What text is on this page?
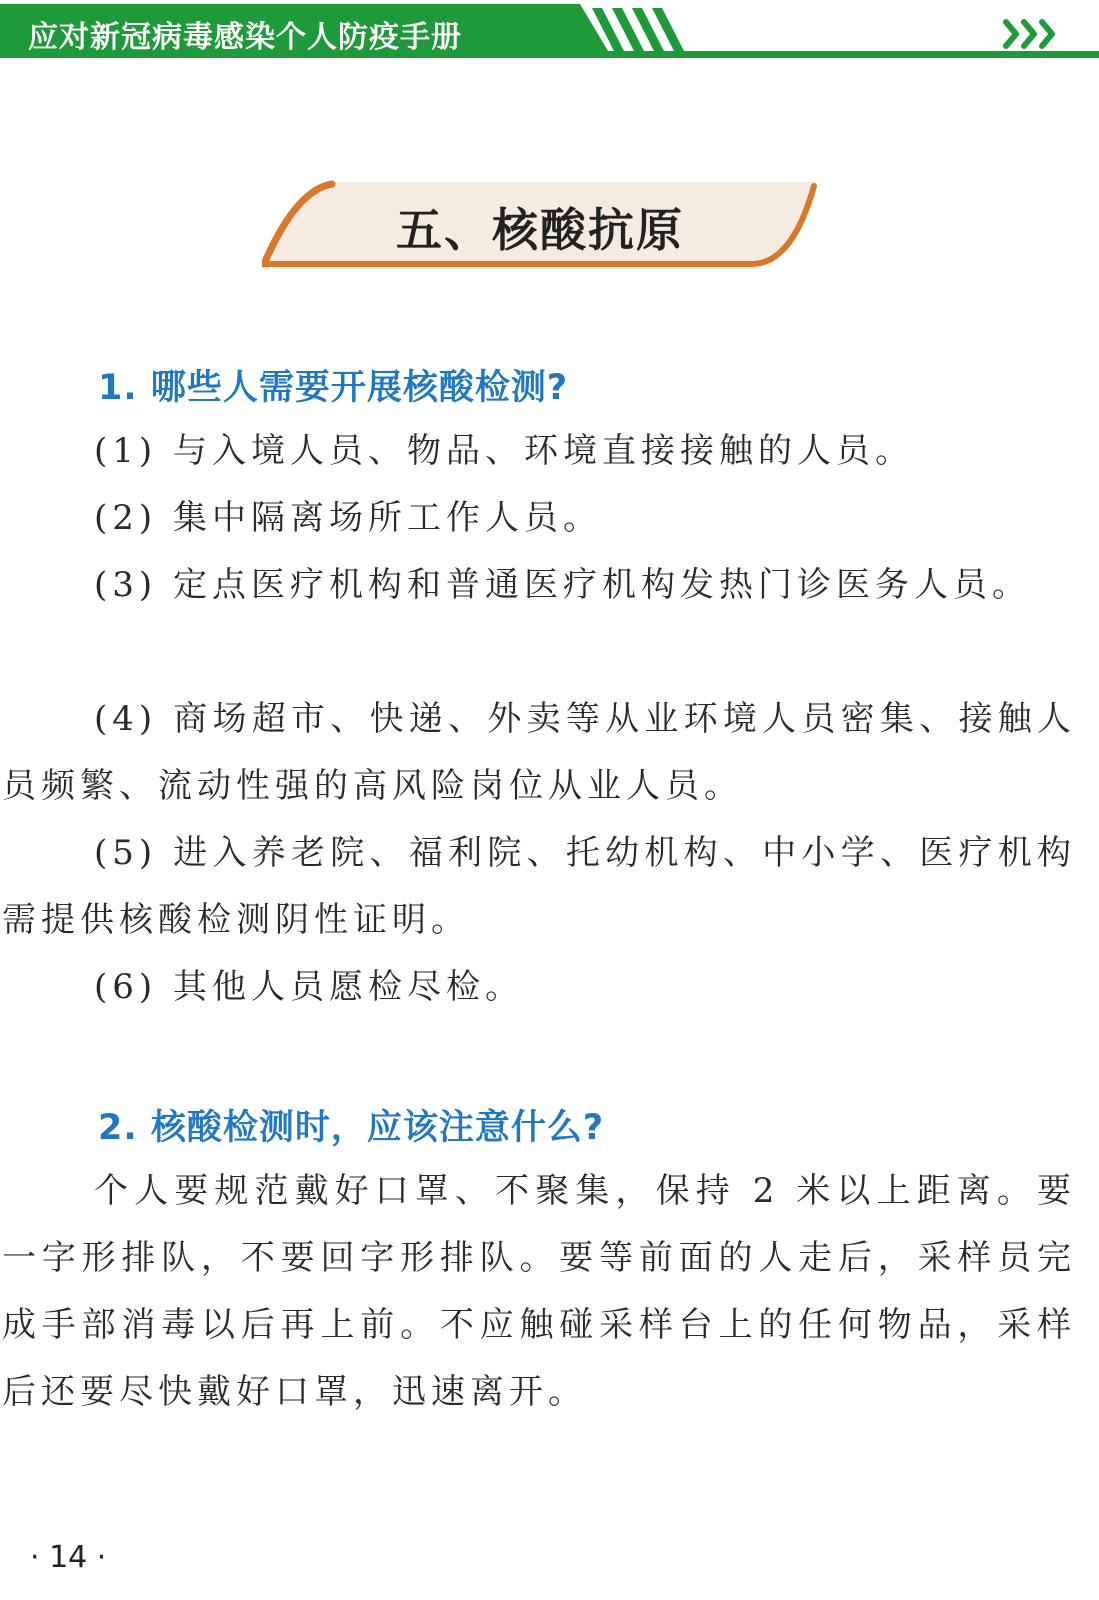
应对新冠病毒感染个人防疫手册
五、核酸抗原
1. 哪些人需要开展核酸检测?

(1) 与入境人员、物品、环境直接接触的人员。

(2) 集中隔离场所工作人员。

(3) 定点医疗机构和普通医疗机构发热门诊医务人员。

(4) 商场超市、快递、外卖等从业环境人员密集、接触人员频繁、流动性强的高风险岗位从业人员。

(5) 进入养老院、福利院、托幼机构、中小学、医疗机构需提供核酸检测阴性证明。

(6) 其他人员愿检尽检。

2. 核酸检测时，应该注意什么?

个人要规范戴好口罩、不聚集，保持 2 米以上距离。要一字形排队，不要回字形排队。要等前面的人走后，采样员完成手部消毒以后再上前。不应触碰采样台上的任何物品，采样后还要尽快戴好口罩，迅速离开。

· 14 ·
